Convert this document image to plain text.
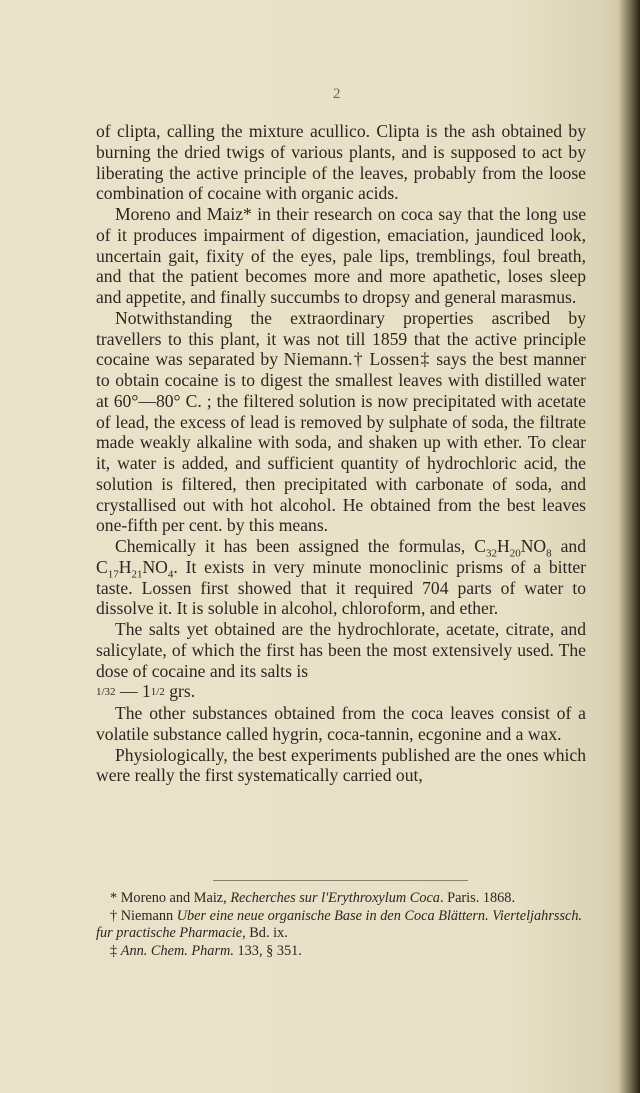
2

of clipta, calling the mixture acullico. Clipta is the ash obtained by burning the dried twigs of various plants, and is supposed to act by liberating the active principle of the leaves, probably from the loose combination of cocaine with organic acids.

Moreno and Maiz* in their research on coca say that the long use of it produces impairment of digestion, emaciation, jaundiced look, uncertain gait, fixity of the eyes, pale lips, tremblings, foul breath, and that the patient becomes more and more apathetic, loses sleep and appetite, and finally succumbs to dropsy and general marasmus.

Notwithstanding the extraordinary properties ascribed by travellers to this plant, it was not till 1859 that the active principle cocaine was separated by Niemann.† Lossen‡ says the best manner to obtain cocaine is to digest the smallest leaves with distilled water at 60°—80° C. ; the filtered solution is now precipitated with acetate of lead, the excess of lead is removed by sulphate of soda, the filtrate made weakly alkaline with soda, and shaken up with ether. To clear it, water is added, and sufficient quantity of hydrochloric acid, the solution is filtered, then precipitated with carbonate of soda, and crystallised out with hot alcohol. He obtained from the best leaves one-fifth per cent. by this means.

Chemically it has been assigned the formulas, $C_{32}H_{20}NO_8$ and $C_{17}H_{21}NO_4$. It exists in very minute monoclinic prisms of a bitter taste. Lossen first showed that it required 704 parts of water to dissolve it. It is soluble in alcohol, chloroform, and ether.

The salts yet obtained are the hydrochlorate, acetate, citrate, and salicylate, of which the first has been the most extensively used. The dose of cocaine and its salts is

1/32 — 11/2 grs.

The other substances obtained from the coca leaves consist of a volatile substance called hygrin, coca-tannin, ecgonine and a wax.

Physiologically, the best experiments published are the ones which were really the first systematically carried out,

* Moreno and Maiz, Recherches sur l'Erythroxylum Coca. Paris. 1868.

† Niemann Uber eine neue organische Base in den Coca Blättern. Vierteljahrssch. fur practische Pharmacie, Bd. ix.

‡ Ann. Chem. Pharm. 133, § 351.
